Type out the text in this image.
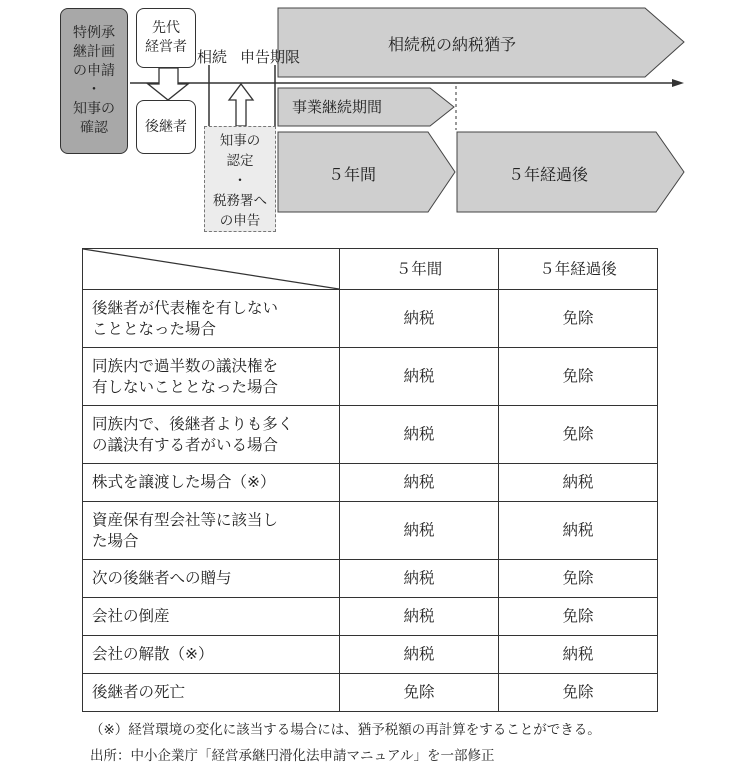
特例承
継計画
の申請
・
知事の
確認
先代
経営者
後継者
相続 申告期限
知事の
認定
・
税務署へ
の申告
相続税の納税猶予
事業継続期間
５年間	５年経過後
	５年間	５年経過後

後継者が代表権を有しない
こととなった場合	納税	免除

同族内で過半数の議決権を
有しないこととなった場合	納税	免除

同族内で、後継者よりも多く
の議決有する者がいる場合	納税	免除

株式を譲渡した場合（※）	納税	納税

資産保有型会社等に該当し
た場合	納税	納税

次の後継者への贈与	納税	免除

会社の倒産	納税	免除

会社の解散（※）	納税	納税

後継者の死亡	免除	免除
（※）経営環境の変化に該当する場合には、猶予税額の再計算をすることができる。
出所：中小企業庁「経営承継円滑化法申請マニュアル」を一部修正
